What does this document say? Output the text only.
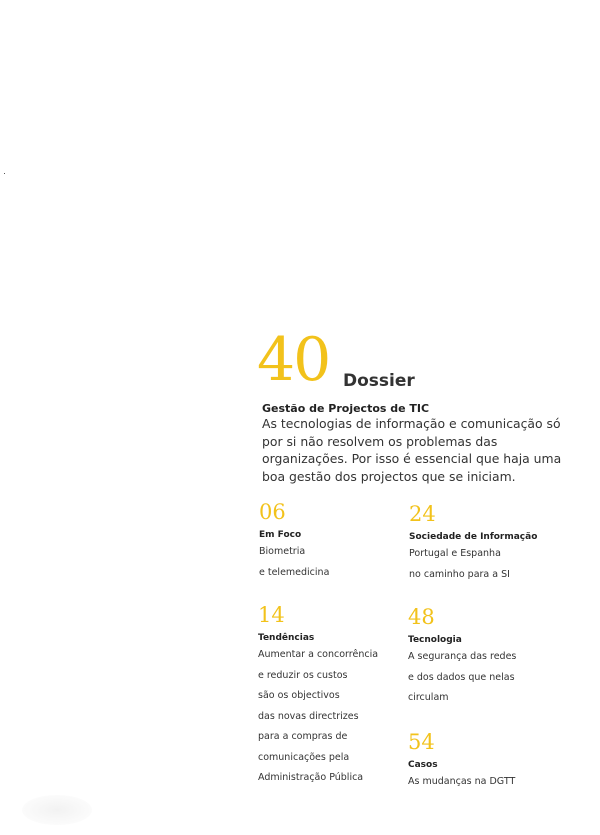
40 Dossier
Gestão de Projectos de TIC
As tecnologias de informação e comunicação só por si não resolvem os problemas das organizações. Por isso é essencial que haja uma boa gestão dos projectos que se iniciam.
06
Em Foco
Biometria
e telemedicina
24
Sociedade de Informação
Portugal e Espanha
no caminho para a SI
14
Tendências
Aumentar a concorrência
e reduzir os custos
são os objectivos
das novas directrizes
para a compras de
comunicações pela
Administração Pública
48
Tecnologia
A segurança das redes
e dos dados que nelas
circulam
54
Casos
As mudanças na DGTT
